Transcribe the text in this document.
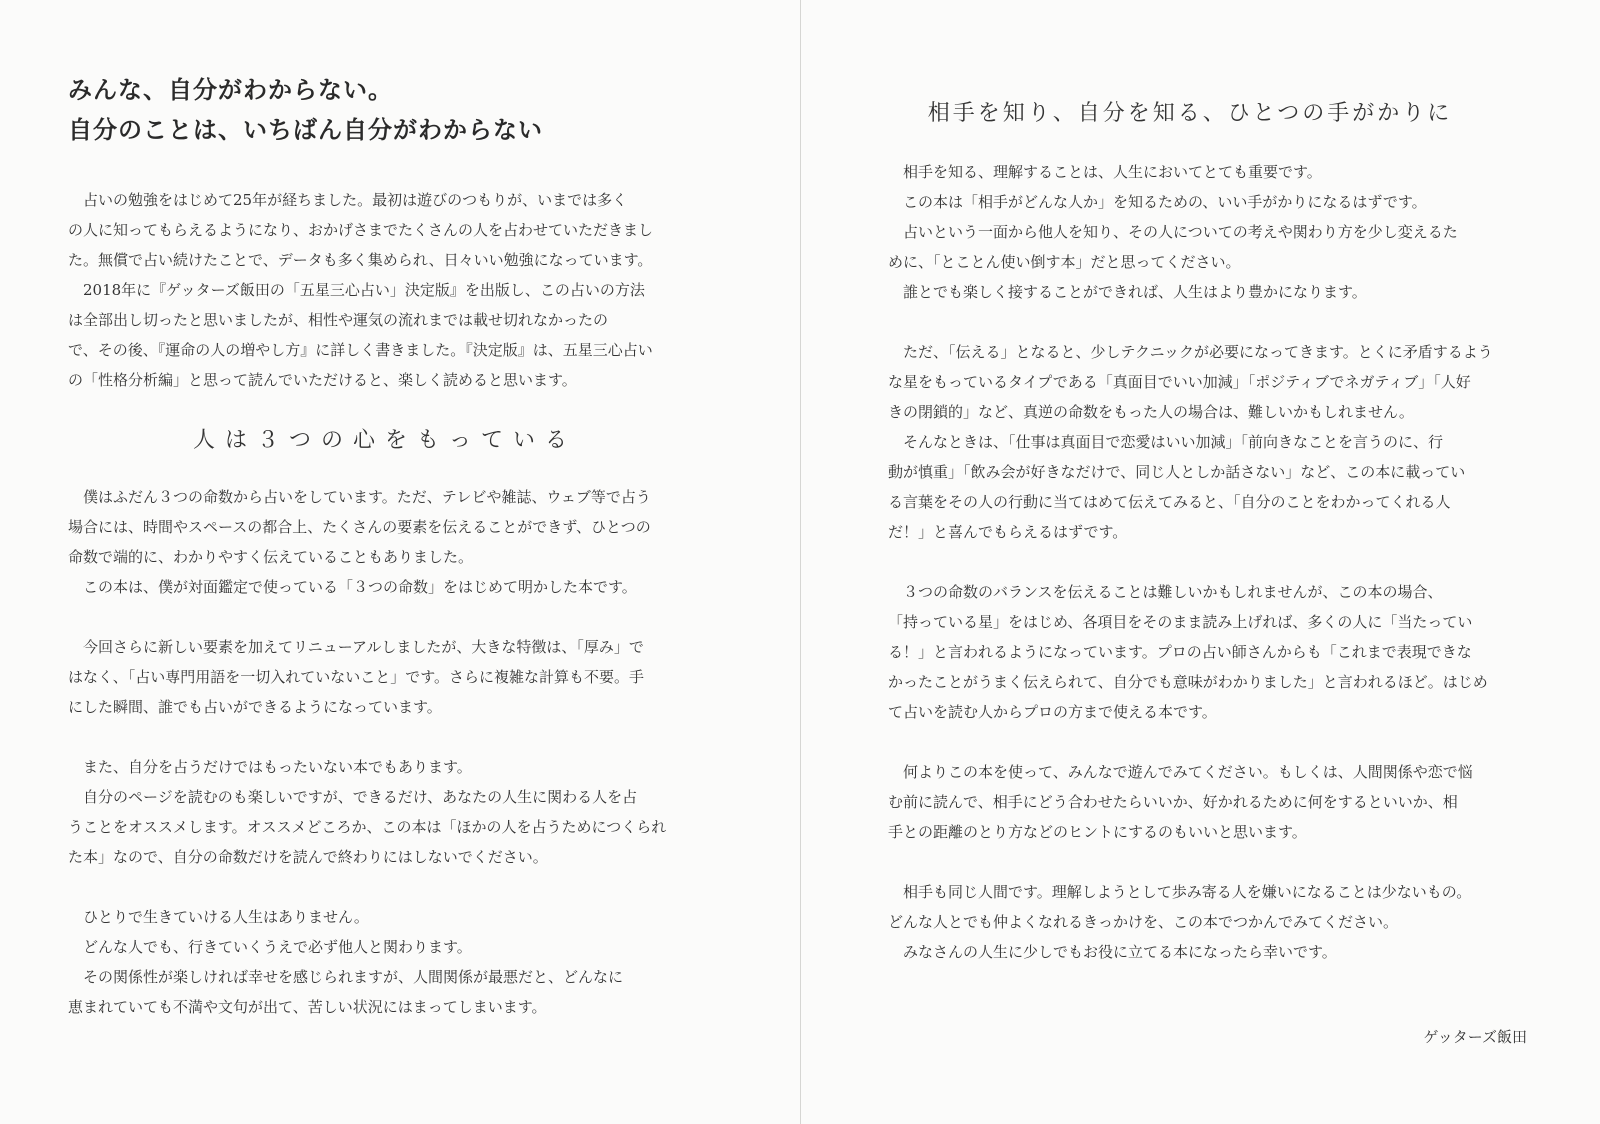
みんな、自分がわからない。
自分のことは、いちばん自分がわからない

　占いの勉強をはじめて25年が経ちました。最初は遊びのつもりが、いまでは多く

の人に知ってもらえるようになり、おかげさまでたくさんの人を占わせていただきまし

た。無償で占い続けたことで、データも多く集められ、日々いい勉強になっています。

　2018年に『ゲッターズ飯田の「五星三心占い」決定版』を出版し、この占いの方法

は全部出し切ったと思いましたが、相性や運気の流れまでは載せ切れなかったの

で、その後、『運命の人の増やし方』に詳しく書きました。『決定版』は、五星三心占い

の「性格分析編」と思って読んでいただけると、楽しく読めると思います。

人は３つの心をもっている

　僕はふだん３つの命数から占いをしています。ただ、テレビや雑誌、ウェブ等で占う

場合には、時間やスペースの都合上、たくさんの要素を伝えることができず、ひとつの

命数で端的に、わかりやすく伝えていることもありました。

　この本は、僕が対面鑑定で使っている「３つの命数」をはじめて明かした本です。

　今回さらに新しい要素を加えてリニューアルしましたが、大きな特徴は、「厚み」で

はなく、「占い専門用語を一切入れていないこと」です。さらに複雑な計算も不要。手

にした瞬間、誰でも占いができるようになっています。

　また、自分を占うだけではもったいない本でもあります。

　自分のページを読むのも楽しいですが、できるだけ、あなたの人生に関わる人を占

うことをオススメします。オススメどころか、この本は「ほかの人を占うためにつくられ

た本」なので、自分の命数だけを読んで終わりにはしないでください。

　ひとりで生きていける人生はありません。

　どんな人でも、行きていくうえで必ず他人と関わります。

　その関係性が楽しければ幸せを感じられますが、人間関係が最悪だと、どんなに

恵まれていても不満や文句が出て、苦しい状況にはまってしまいます。

相手を知り、自分を知る、ひとつの手がかりに

　相手を知る、理解することは、人生においてとても重要です。

　この本は「相手がどんな人か」を知るための、いい手がかりになるはずです。

　占いという一面から他人を知り、その人についての考えや関わり方を少し変えるた

めに、「とことん使い倒す本」だと思ってください。

　誰とでも楽しく接することができれば、人生はより豊かになります。

　ただ、「伝える」となると、少しテクニックが必要になってきます。とくに矛盾するよう

な星をもっているタイプである「真面目でいい加減」「ポジティブでネガティブ」「人好

きの閉鎖的」など、真逆の命数をもった人の場合は、難しいかもしれません。

　そんなときは、「仕事は真面目で恋愛はいい加減」「前向きなことを言うのに、行

動が慎重」「飲み会が好きなだけで、同じ人としか話さない」など、この本に載ってい

る言葉をその人の行動に当てはめて伝えてみると、「自分のことをわかってくれる人

だ！」と喜んでもらえるはずです。

　３つの命数のバランスを伝えることは難しいかもしれませんが、この本の場合、

「持っている星」をはじめ、各項目をそのまま読み上げれば、多くの人に「当たってい

る！」と言われるようになっています。プロの占い師さんからも「これまで表現できな

かったことがうまく伝えられて、自分でも意味がわかりました」と言われるほど。はじめ

て占いを読む人からプロの方まで使える本です。

　何よりこの本を使って、みんなで遊んでみてください。もしくは、人間関係や恋で悩

む前に読んで、相手にどう合わせたらいいか、好かれるために何をするといいか、相

手との距離のとり方などのヒントにするのもいいと思います。

　相手も同じ人間です。理解しようとして歩み寄る人を嫌いになることは少ないもの。

どんな人とでも仲よくなれるきっかけを、この本でつかんでみてください。

　みなさんの人生に少しでもお役に立てる本になったら幸いです。

ゲッターズ飯田
